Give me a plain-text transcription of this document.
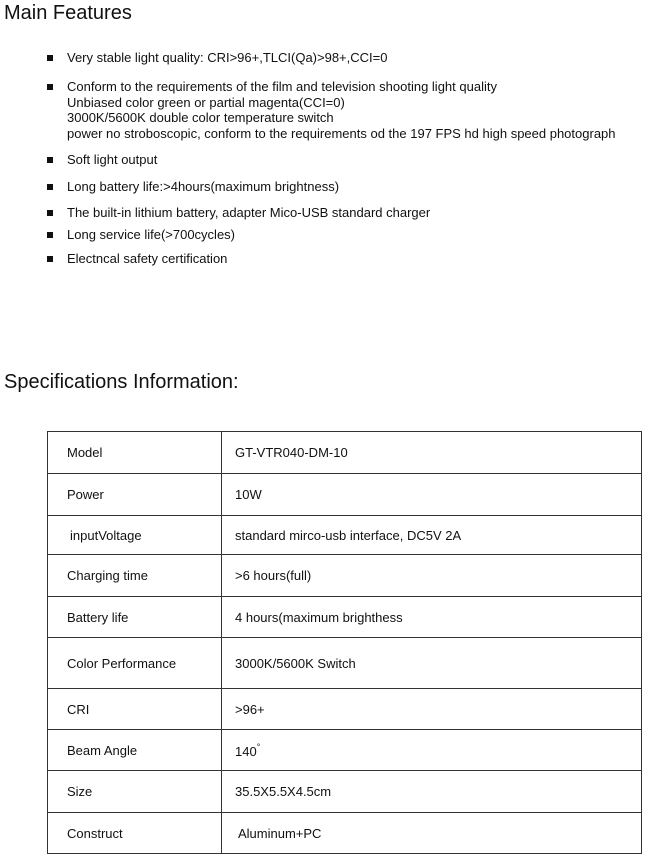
Main Features
Very stable light quality: CRI>96+,TLCI(Qa)>98+,CCI=0
Conform to the requirements of the film and television shooting light quality
Unbiased color green or partial magenta(CCI=0)
3000K/5600K double color temperature switch
power no stroboscopic, conform to the requirements od the 197 FPS hd high speed photograph
Soft light output
Long battery life:>4hours(maximum brightness)
The built-in lithium battery, adapter Mico-USB standard charger
Long service life(>700cycles)
Electncal safety certification
Specifications Information:
Model	GT-VTR040-DM-10
Power	10W
inputVoltage	standard mirco-usb interface, DC5V 2A
Charging time	>6 hours(full)
Battery life	4 hours(maximum brighthess
Color Performance	3000K/5600K Switch
CRI	>96+
Beam Angle	140°
Size	35.5X5.5X4.5cm
Construct	Aluminum+PC
